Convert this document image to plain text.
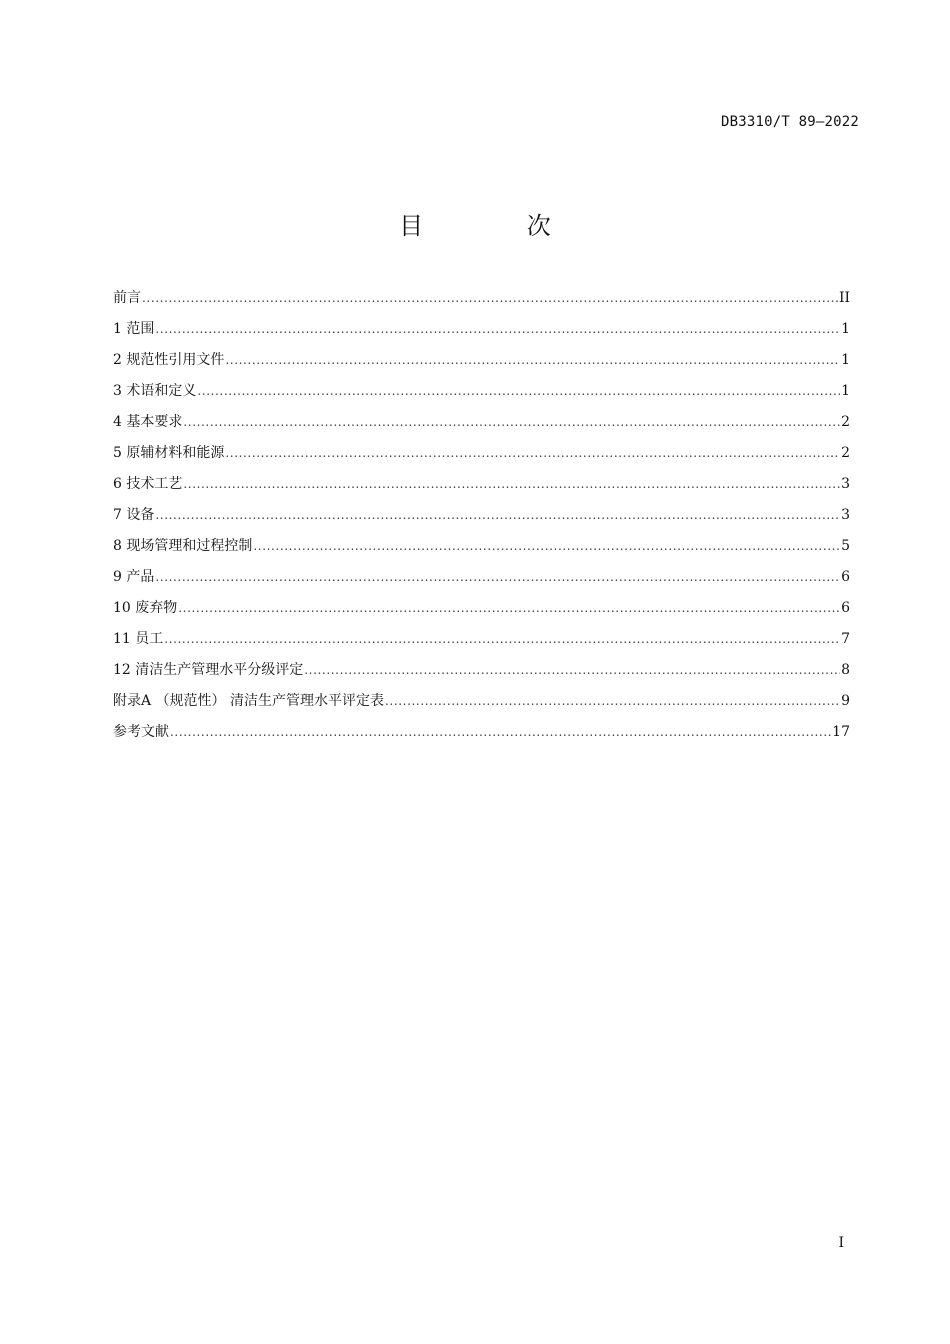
DB3310/T 89—2022
目 次
前言 .....	II
1 范围 .....	1
2 规范性引用文件 .....	1
3 术语和定义 .....	1
4 基本要求 .....	2
5 原辅材料和能源 .....	2
6 技术工艺 .....	3
7 设备 .....	3
8 现场管理和过程控制 .....	5
9 产品 .....	6
10 废弃物 .....	6
11 员工 .....	7
12 清洁生产管理水平分级评定 .....	8
附录A （规范性） 清洁生产管理水平评定表 .....	9
参考文献 .....	17
I
